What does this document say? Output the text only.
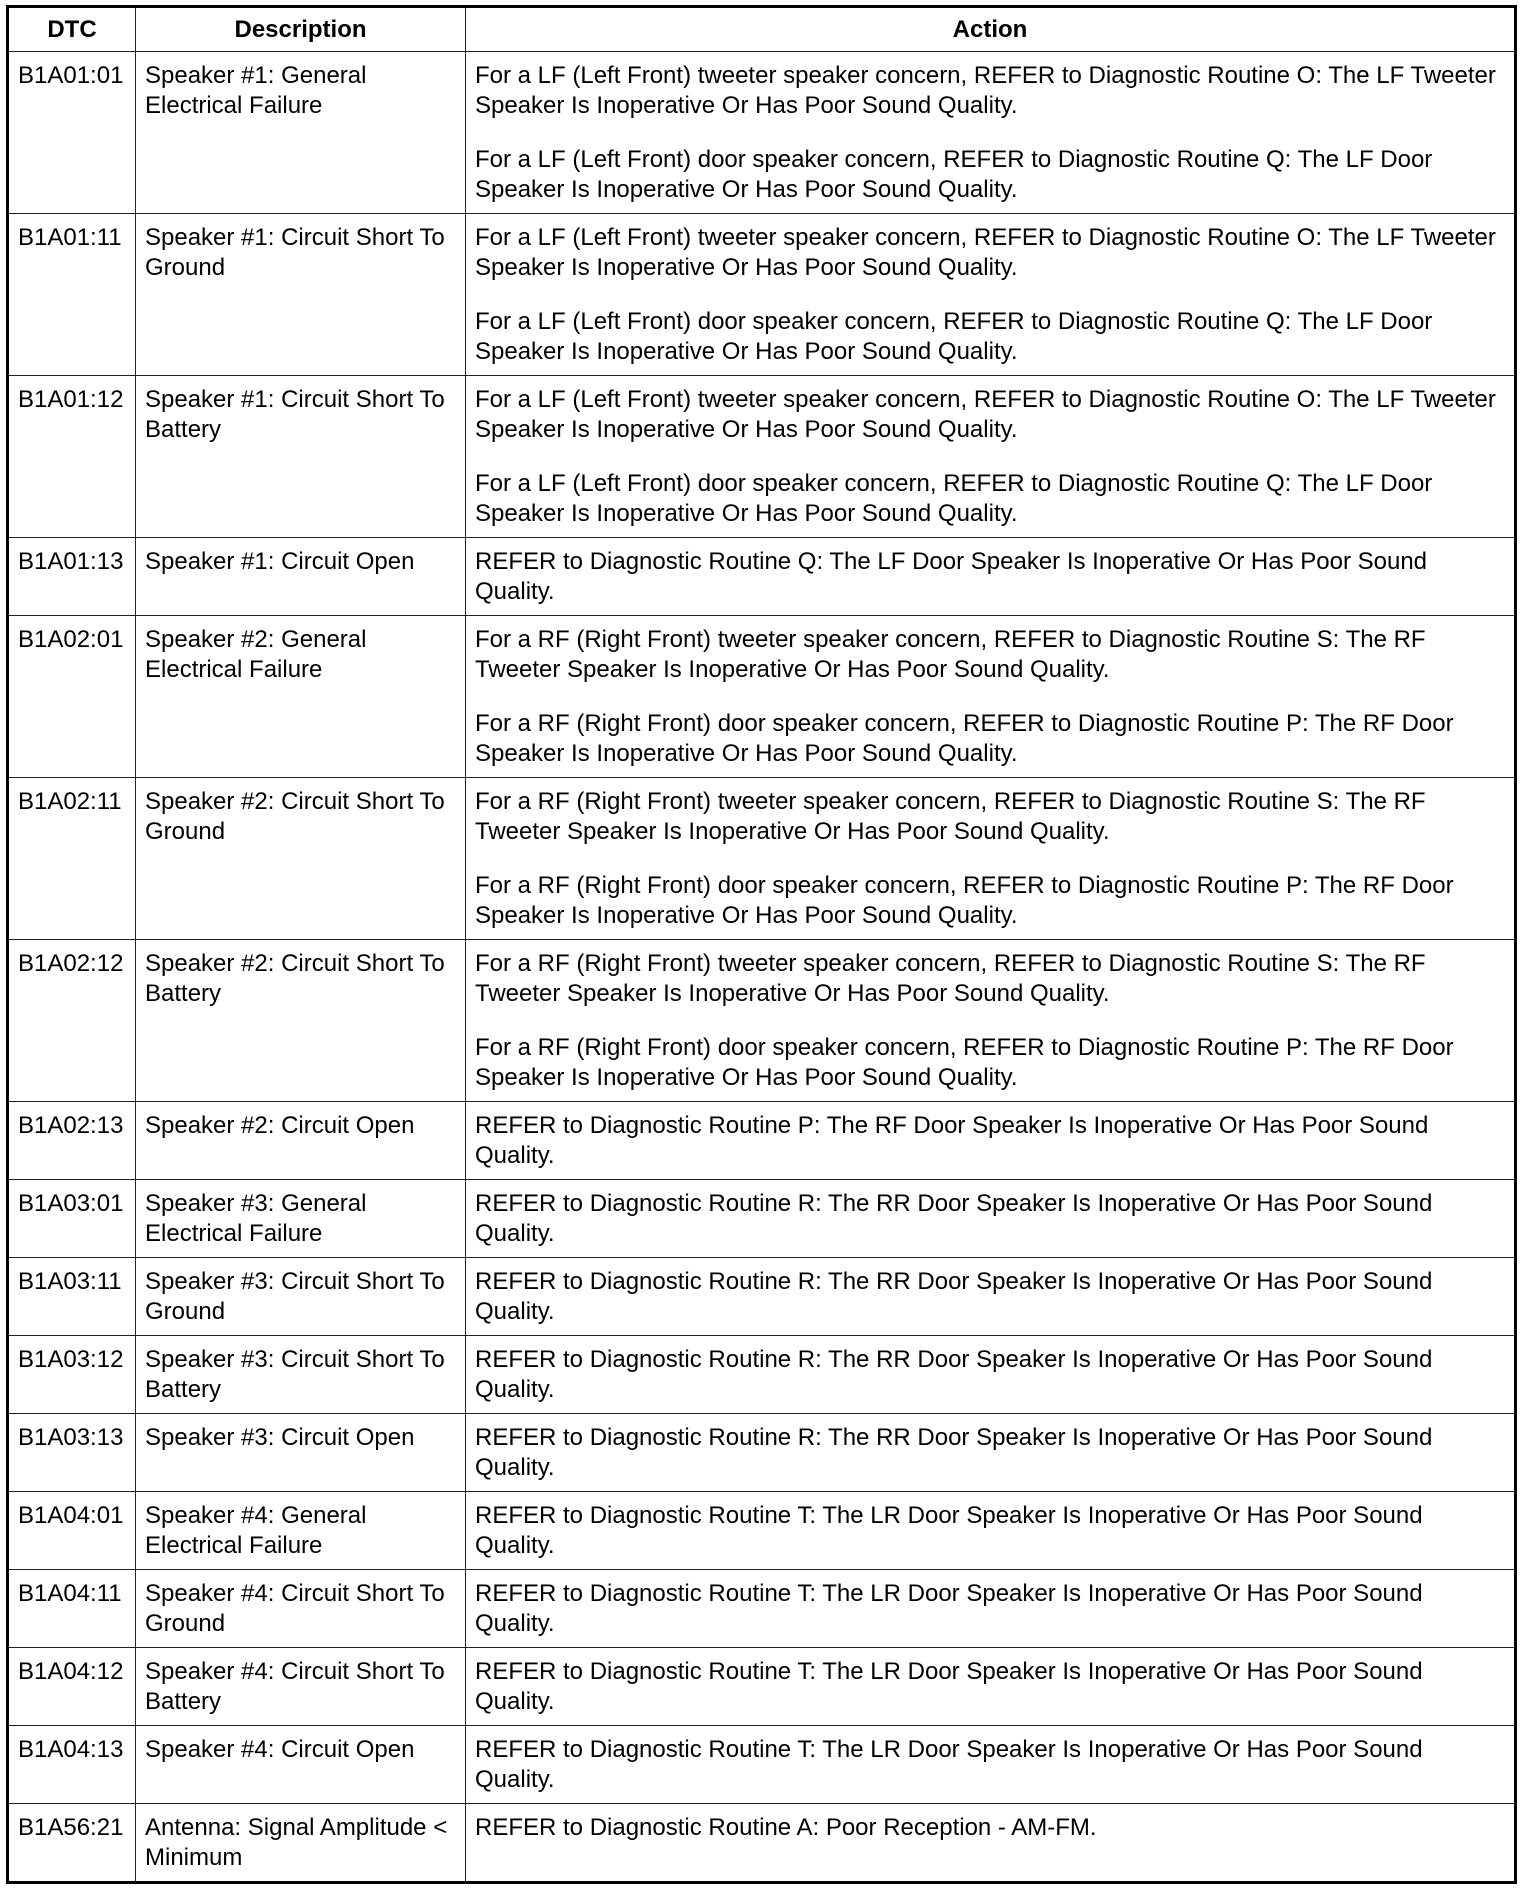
DTC	Description	Action
B1A01:01	Speaker #1: General Electrical Failure	For a LF (Left Front) tweeter speaker concern, REFER to Diagnostic Routine O: The LF Tweeter Speaker Is Inoperative Or Has Poor Sound Quality.

For a LF (Left Front) door speaker concern, REFER to Diagnostic Routine Q: The LF Door Speaker Is Inoperative Or Has Poor Sound Quality.

B1A01:11	Speaker #1: Circuit Short To Ground	For a LF (Left Front) tweeter speaker concern, REFER to Diagnostic Routine O: The LF Tweeter Speaker Is Inoperative Or Has Poor Sound Quality.

For a LF (Left Front) door speaker concern, REFER to Diagnostic Routine Q: The LF Door Speaker Is Inoperative Or Has Poor Sound Quality.

B1A01:12	Speaker #1: Circuit Short To Battery	For a LF (Left Front) tweeter speaker concern, REFER to Diagnostic Routine O: The LF Tweeter Speaker Is Inoperative Or Has Poor Sound Quality.

For a LF (Left Front) door speaker concern, REFER to Diagnostic Routine Q: The LF Door Speaker Is Inoperative Or Has Poor Sound Quality.

B1A01:13	Speaker #1: Circuit Open	REFER to Diagnostic Routine Q: The LF Door Speaker Is Inoperative Or Has Poor Sound Quality.

B1A02:01	Speaker #2: General Electrical Failure	For a RF (Right Front) tweeter speaker concern, REFER to Diagnostic Routine S: The RF Tweeter Speaker Is Inoperative Or Has Poor Sound Quality.

For a RF (Right Front) door speaker concern, REFER to Diagnostic Routine P: The RF Door Speaker Is Inoperative Or Has Poor Sound Quality.

B1A02:11	Speaker #2: Circuit Short To Ground	For a RF (Right Front) tweeter speaker concern, REFER to Diagnostic Routine S: The RF Tweeter Speaker Is Inoperative Or Has Poor Sound Quality.

For a RF (Right Front) door speaker concern, REFER to Diagnostic Routine P: The RF Door Speaker Is Inoperative Or Has Poor Sound Quality.

B1A02:12	Speaker #2: Circuit Short To Battery	For a RF (Right Front) tweeter speaker concern, REFER to Diagnostic Routine S: The RF Tweeter Speaker Is Inoperative Or Has Poor Sound Quality.

For a RF (Right Front) door speaker concern, REFER to Diagnostic Routine P: The RF Door Speaker Is Inoperative Or Has Poor Sound Quality.

B1A02:13	Speaker #2: Circuit Open	REFER to Diagnostic Routine P: The RF Door Speaker Is Inoperative Or Has Poor Sound Quality.

B1A03:01	Speaker #3: General Electrical Failure	REFER to Diagnostic Routine R: The RR Door Speaker Is Inoperative Or Has Poor Sound Quality.

B1A03:11	Speaker #3: Circuit Short To Ground	REFER to Diagnostic Routine R: The RR Door Speaker Is Inoperative Or Has Poor Sound Quality.

B1A03:12	Speaker #3: Circuit Short To Battery	REFER to Diagnostic Routine R: The RR Door Speaker Is Inoperative Or Has Poor Sound Quality.

B1A03:13	Speaker #3: Circuit Open	REFER to Diagnostic Routine R: The RR Door Speaker Is Inoperative Or Has Poor Sound Quality.

B1A04:01	Speaker #4: General Electrical Failure	REFER to Diagnostic Routine T: The LR Door Speaker Is Inoperative Or Has Poor Sound Quality.

B1A04:11	Speaker #4: Circuit Short To Ground	REFER to Diagnostic Routine T: The LR Door Speaker Is Inoperative Or Has Poor Sound Quality.

B1A04:12	Speaker #4: Circuit Short To Battery	REFER to Diagnostic Routine T: The LR Door Speaker Is Inoperative Or Has Poor Sound Quality.

B1A04:13	Speaker #4: Circuit Open	REFER to Diagnostic Routine T: The LR Door Speaker Is Inoperative Or Has Poor Sound Quality.

B1A56:21	Antenna: Signal Amplitude < Minimum	REFER to Diagnostic Routine A: Poor Reception - AM-FM.
